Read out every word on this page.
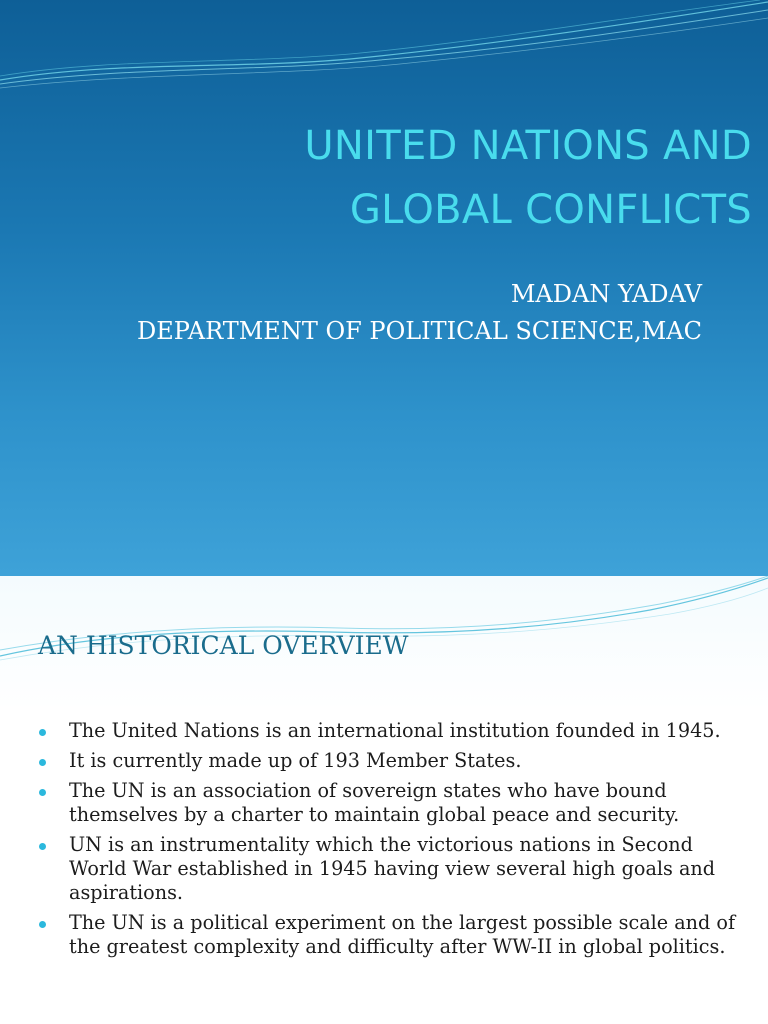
UNITED NATIONS AND
GLOBAL CONFLICTS
MADAN YADAV
DEPARTMENT OF POLITICAL SCIENCE,MAC
AN HISTORICAL OVERVIEW
The United Nations is an international institution founded in 1945.
It is currently made up of 193 Member States.
The UN is an association of sovereign states who have bound themselves by a charter to maintain global peace and security.
UN is an instrumentality which the victorious nations in Second World War established in 1945 having view several high goals and aspirations.
The UN is a political experiment on the largest possible scale and of the greatest complexity and difficulty after WW-II in global politics.
